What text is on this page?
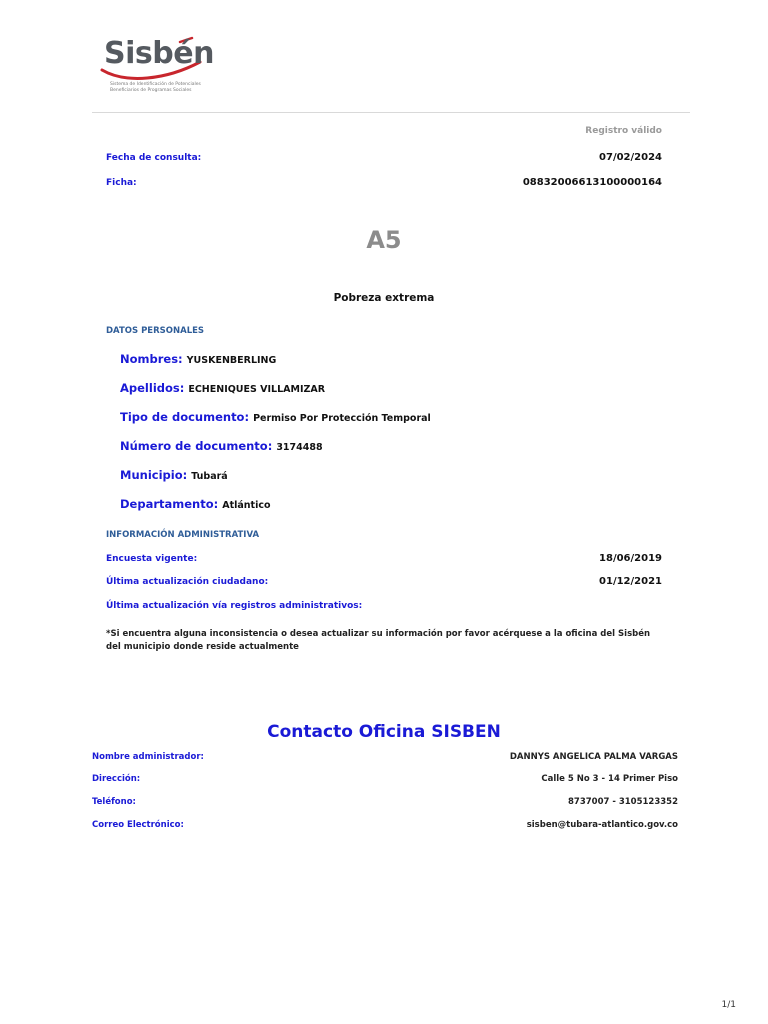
Sisbén
Sistema de Identificación de Potenciales Beneficiarios de Programas Sociales
Registro válido
Fecha de consulta:	07/02/2024
Ficha:	08832006613100000164
A5
Pobreza extrema
DATOS PERSONALES
Nombres: YUSKENBERLING
Apellidos: ECHENIQUES VILLAMIZAR
Tipo de documento: Permiso Por Protección Temporal
Número de documento: 3174488
Municipio: Tubará
Departamento: Atlántico
INFORMACIÓN ADMINISTRATIVA
Encuesta vigente:	18/06/2019
Última actualización ciudadano:	01/12/2021
Última actualización vía registros administrativos:
*Si encuentra alguna inconsistencia o desea actualizar su información por favor acérquese a la oficina del Sisbén del municipio donde reside actualmente
Contacto Oficina SISBEN
Nombre administrador:	DANNYS ANGELICA PALMA VARGAS
Dirección:	Calle 5 No 3 - 14 Primer Piso
Teléfono:	8737007 - 3105123352
Correo Electrónico:	sisben@tubara-atlantico.gov.co
1/1
